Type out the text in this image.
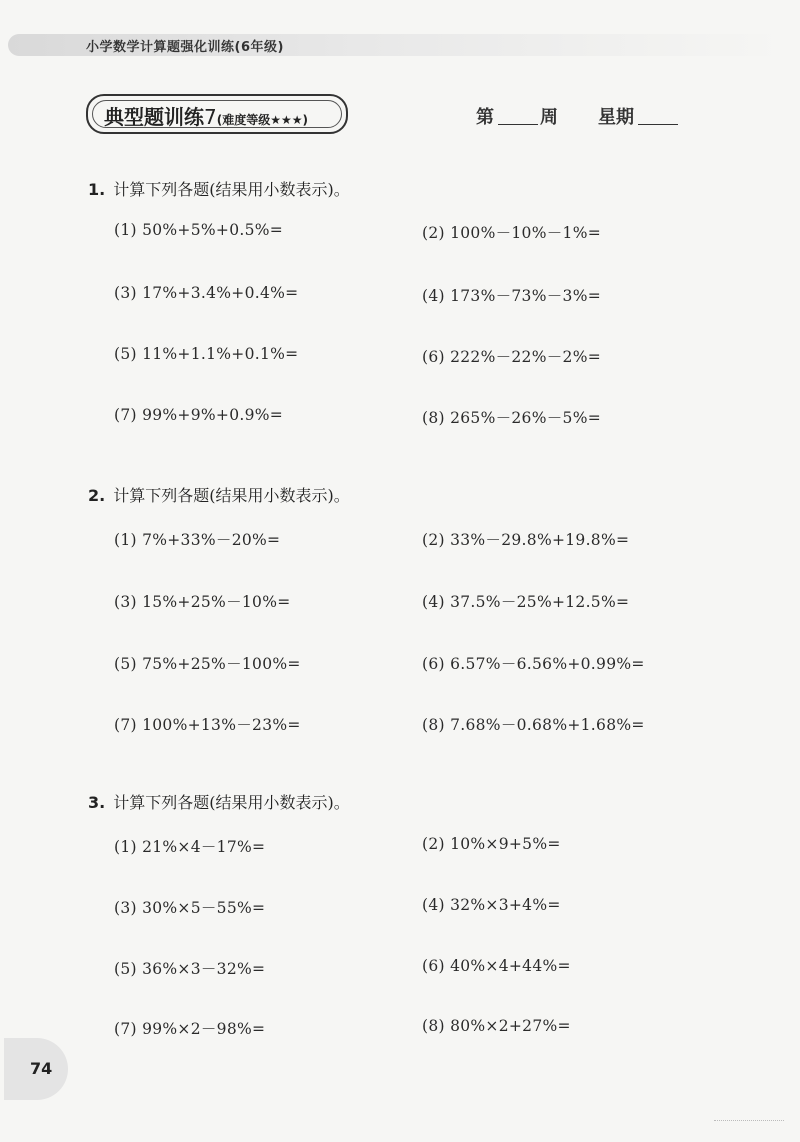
小学数学计算题强化训练(6年级)
典型题训练7(难度等级★★★)	第	周 星期
1. 计算下列各题(结果用小数表示)。
(1) 50%+5%+0.5%=	(2) 100%－10%－1%=
(3) 17%+3.4%+0.4%=	(4) 173%－73%－3%=
(5) 11%+1.1%+0.1%=	(6) 222%－22%－2%=
(7) 99%+9%+0.9%=	(8) 265%－26%－5%=
2. 计算下列各题(结果用小数表示)。
(1) 7%+33%－20%=	(2) 33%－29.8%+19.8%=
(3) 15%+25%－10%=	(4) 37.5%－25%+12.5%=
(5) 75%+25%－100%=	(6) 6.57%－6.56%+0.99%=
(7) 100%+13%－23%=	(8) 7.68%－0.68%+1.68%=
3. 计算下列各题(结果用小数表示)。
(1) 21%×4－17%=	(2) 10%×9+5%=
(3) 30%×5－55%=	(4) 32%×3+4%=
(5) 36%×3－32%=	(6) 40%×4+44%=
(7) 99%×2－98%=	(8) 80%×2+27%=
74
